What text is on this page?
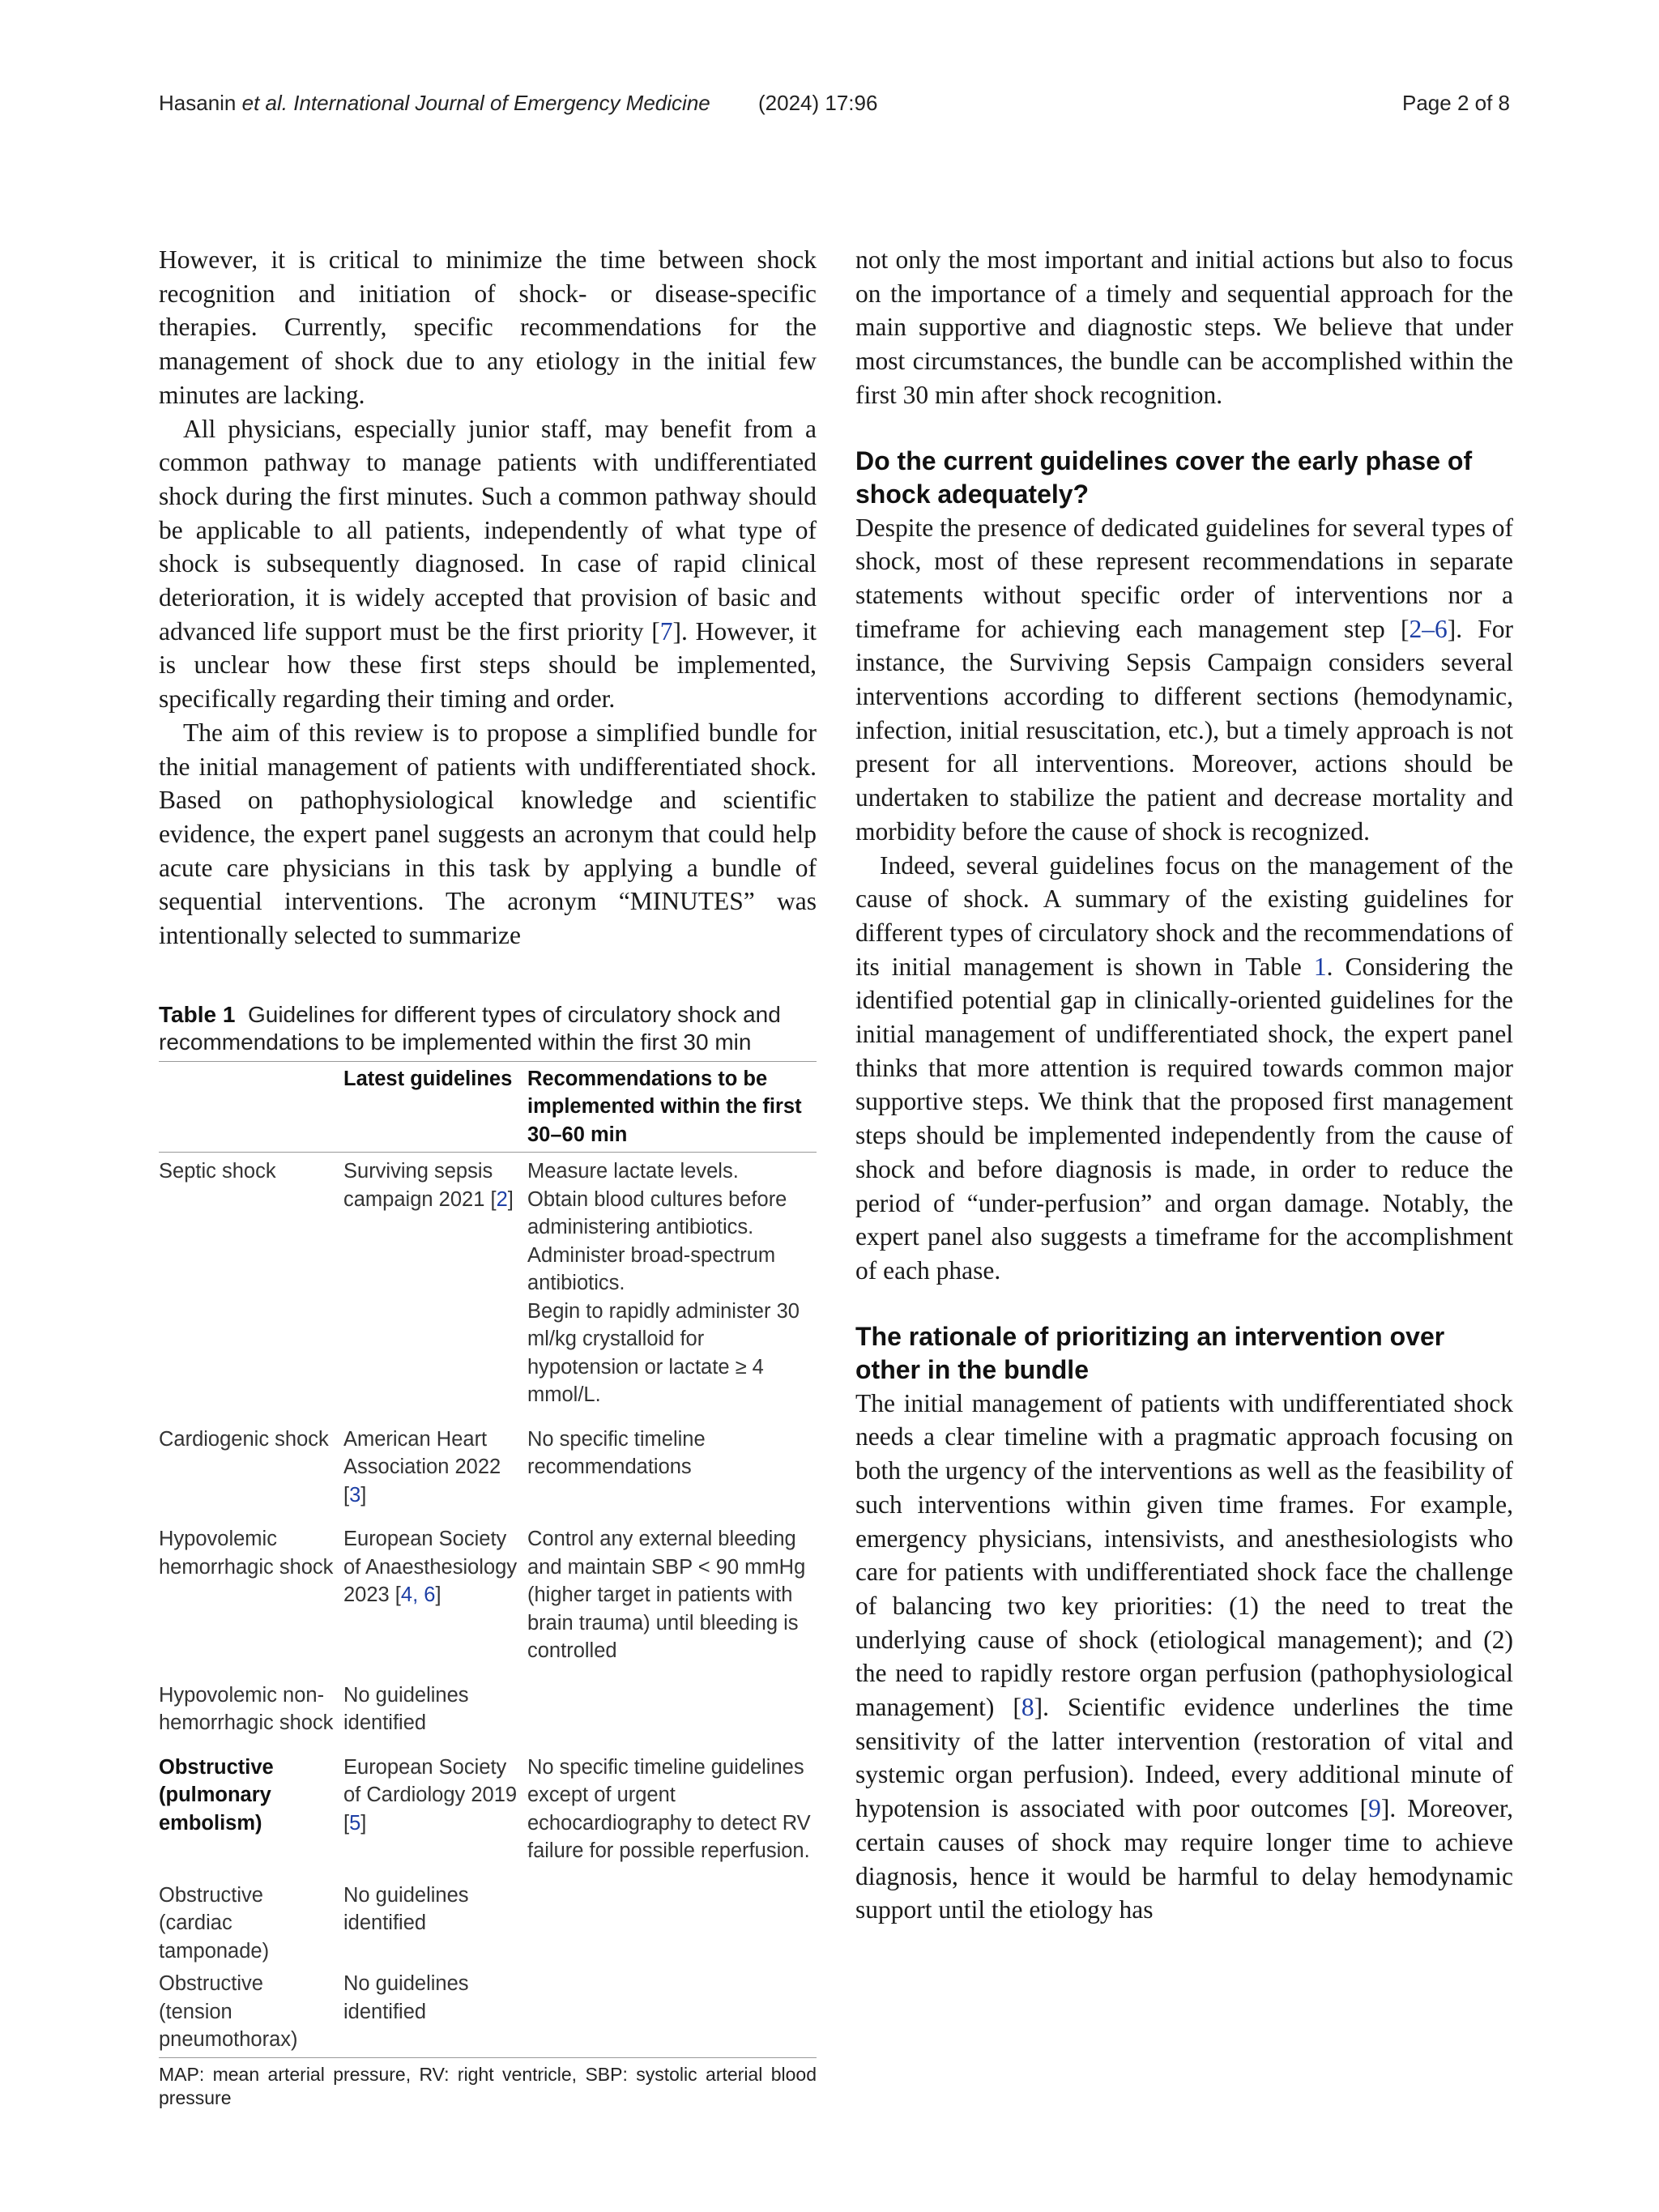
Hasanin et al. International Journal of Emergency Medicine (2024) 17:96	Page 2 of 8

However, it is critical to minimize the time between shock recognition and initiation of shock- or disease-specific therapies. Currently, specific recommendations for the management of shock due to any etiology in the initial few minutes are lacking.

All physicians, especially junior staff, may benefit from a common pathway to manage patients with undifferentiated shock during the first minutes. Such a common pathway should be applicable to all patients, independently of what type of shock is subsequently diagnosed. In case of rapid clinical deterioration, it is widely accepted that provision of basic and advanced life support must be the first priority [7]. However, it is unclear how these first steps should be implemented, specifically regarding their timing and order.

The aim of this review is to propose a simplified bundle for the initial management of patients with undifferentiated shock. Based on pathophysiological knowledge and scientific evidence, the expert panel suggests an acronym that could help acute care physicians in this task by applying a bundle of sequential interventions. The acronym “MINUTES” was intentionally selected to summarize

Table 1 Guidelines for different types of circulatory shock and recommendations to be implemented within the first 30 min
	Latest guidelines	Recommendations to be implemented within the first 30–60 min
Septic shock	Surviving sepsis campaign 2021 [2]	Measure lactate levels.
Obtain blood cultures before administering antibiotics.
Administer broad-spectrum antibiotics.
Begin to rapidly administer 30 ml/kg crystalloid for hypotension or lactate ≥ 4 mmol/L.

Cardiogenic shock	American Heart Association 2022 [3]	No specific timeline recommendations

Hypovolemic hemorrhagic shock	European Society of Anaesthesiology 2023 [4, 6]	Control any external bleeding and maintain SBP < 90 mmHg (higher target in patients with brain trauma) until bleeding is controlled

Hypovolemic non-hemorrhagic shock	No guidelines identified	
Obstructive (pulmonary embolism)	European Society of Cardiology 2019 [5]	No specific timeline guidelines except of urgent echocardiography to detect RV failure for possible reperfusion.

Obstructive (cardiac tamponade)	No guidelines identified	
Obstructive (tension pneumothorax)	No guidelines identified	
MAP: mean arterial pressure, RV: right ventricle, SBP: systolic arterial blood pressure

not only the most important and initial actions but also to focus on the importance of a timely and sequential approach for the main supportive and diagnostic steps. We believe that under most circumstances, the bundle can be accomplished within the first 30 min after shock recognition.

Do the current guidelines cover the early phase of shock adequately?

Despite the presence of dedicated guidelines for several types of shock, most of these represent recommendations in separate statements without specific order of interventions nor a timeframe for achieving each management step [2–6]. For instance, the Surviving Sepsis Campaign considers several interventions according to different sections (hemodynamic, infection, initial resuscitation, etc.), but a timely approach is not present for all interventions. Moreover, actions should be undertaken to stabilize the patient and decrease mortality and morbidity before the cause of shock is recognized.

Indeed, several guidelines focus on the management of the cause of shock. A summary of the existing guidelines for different types of circulatory shock and the recommendations of its initial management is shown in Table 1. Considering the identified potential gap in clinically-oriented guidelines for the initial management of undifferentiated shock, the expert panel thinks that more attention is required towards common major supportive steps. We think that the proposed first management steps should be implemented independently from the cause of shock and before diagnosis is made, in order to reduce the period of “under-perfusion” and organ damage. Notably, the expert panel also suggests a timeframe for the accomplishment of each phase.

The rationale of prioritizing an intervention over other in the bundle

The initial management of patients with undifferentiated shock needs a clear timeline with a pragmatic approach focusing on both the urgency of the interventions as well as the feasibility of such interventions within given time frames. For example, emergency physicians, intensivists, and anesthesiologists who care for patients with undifferentiated shock face the challenge of balancing two key priorities: (1) the need to treat the underlying cause of shock (etiological management); and (2) the need to rapidly restore organ perfusion (pathophysiological management) [8]. Scientific evidence underlines the time sensitivity of the latter intervention (restoration of vital and systemic organ perfusion). Indeed, every additional minute of hypotension is associated with poor outcomes [9]. Moreover, certain causes of shock may require longer time to achieve diagnosis, hence it would be harmful to delay hemodynamic support until the etiology has
